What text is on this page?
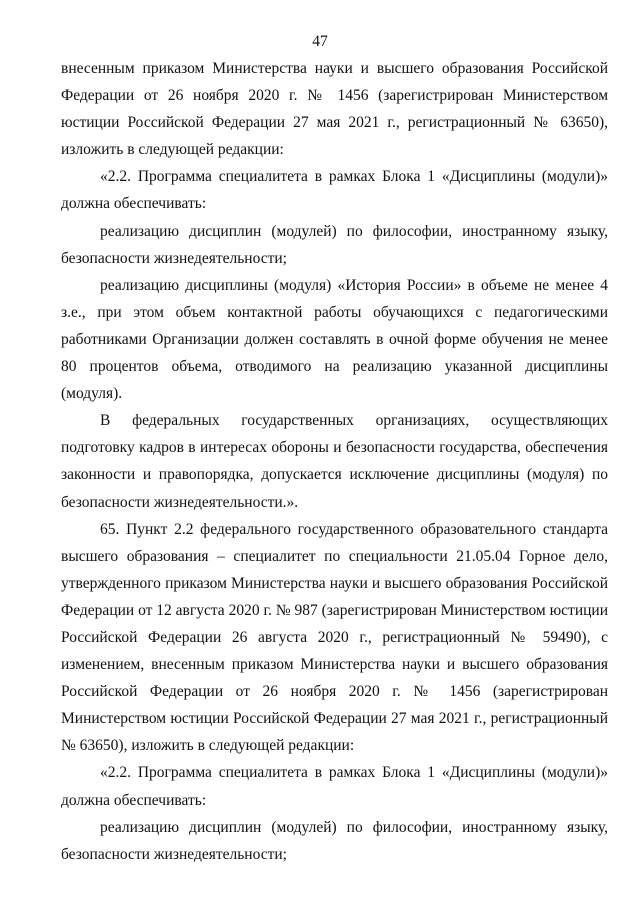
47

внесенным приказом Министерства науки и высшего образования Российской Федерации от 26 ноября 2020 г. № 1456 (зарегистрирован Министерством юстиции Российской Федерации 27 мая 2021 г., регистрационный № 63650), изложить в следующей редакции:

«2.2. Программа специалитета в рамках Блока 1 «Дисциплины (модули)» должна обеспечивать:

реализацию дисциплин (модулей) по философии, иностранному языку, безопасности жизнедеятельности;

реализацию дисциплины (модуля) «История России» в объеме не менее 4 з.е., при этом объем контактной работы обучающихся с педагогическими работниками Организации должен составлять в очной форме обучения не менее 80 процентов объема, отводимого на реализацию указанной дисциплины (модуля).

В федеральных государственных организациях, осуществляющих подготовку кадров в интересах обороны и безопасности государства, обеспечения законности и правопорядка, допускается исключение дисциплины (модуля) по безопасности жизнедеятельности.».

65. Пункт 2.2 федерального государственного образовательного стандарта высшего образования – специалитет по специальности 21.05.04 Горное дело, утвержденного приказом Министерства науки и высшего образования Российской Федерации от 12 августа 2020 г. № 987 (зарегистрирован Министерством юстиции Российской Федерации 26 августа 2020 г., регистрационный № 59490), с изменением, внесенным приказом Министерства науки и высшего образования Российской Федерации от 26 ноября 2020 г. № 1456 (зарегистрирован Министерством юстиции Российской Федерации 27 мая 2021 г., регистрационный № 63650), изложить в следующей редакции:

«2.2. Программа специалитета в рамках Блока 1 «Дисциплины (модули)» должна обеспечивать:

реализацию дисциплин (модулей) по философии, иностранному языку, безопасности жизнедеятельности;
